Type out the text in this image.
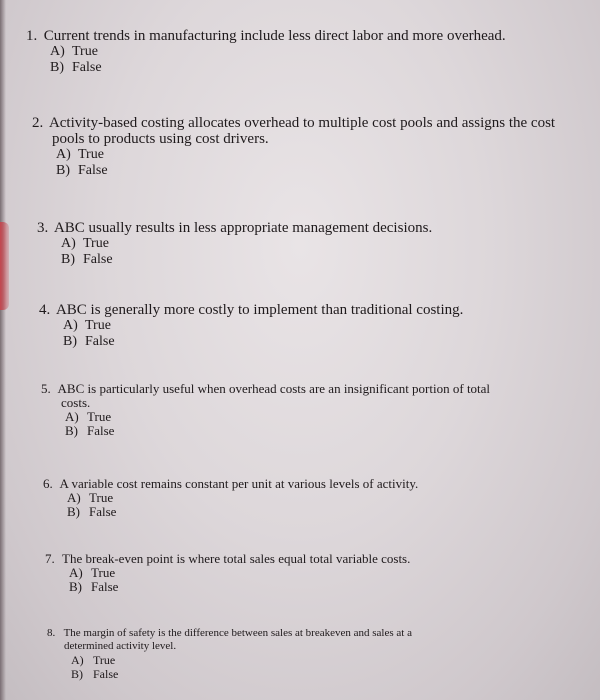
1. Current trends in manufacturing include less direct labor and more overhead.
A) True
B) False
2. Activity-based costing allocates overhead to multiple cost pools and assigns the cost
pools to products using cost drivers.
A) True
B) False
3. ABC usually results in less appropriate management decisions.
A) True
B) False
4. ABC is generally more costly to implement than traditional costing.
A) True
B) False
5. ABC is particularly useful when overhead costs are an insignificant portion of total
costs.
A) True
B) False
6. A variable cost remains constant per unit at various levels of activity.
A) True
B) False
7. The break-even point is where total sales equal total variable costs.
A) True
B) False
8. The margin of safety is the difference between sales at breakeven and sales at a
determined activity level.
A) True
B) False
